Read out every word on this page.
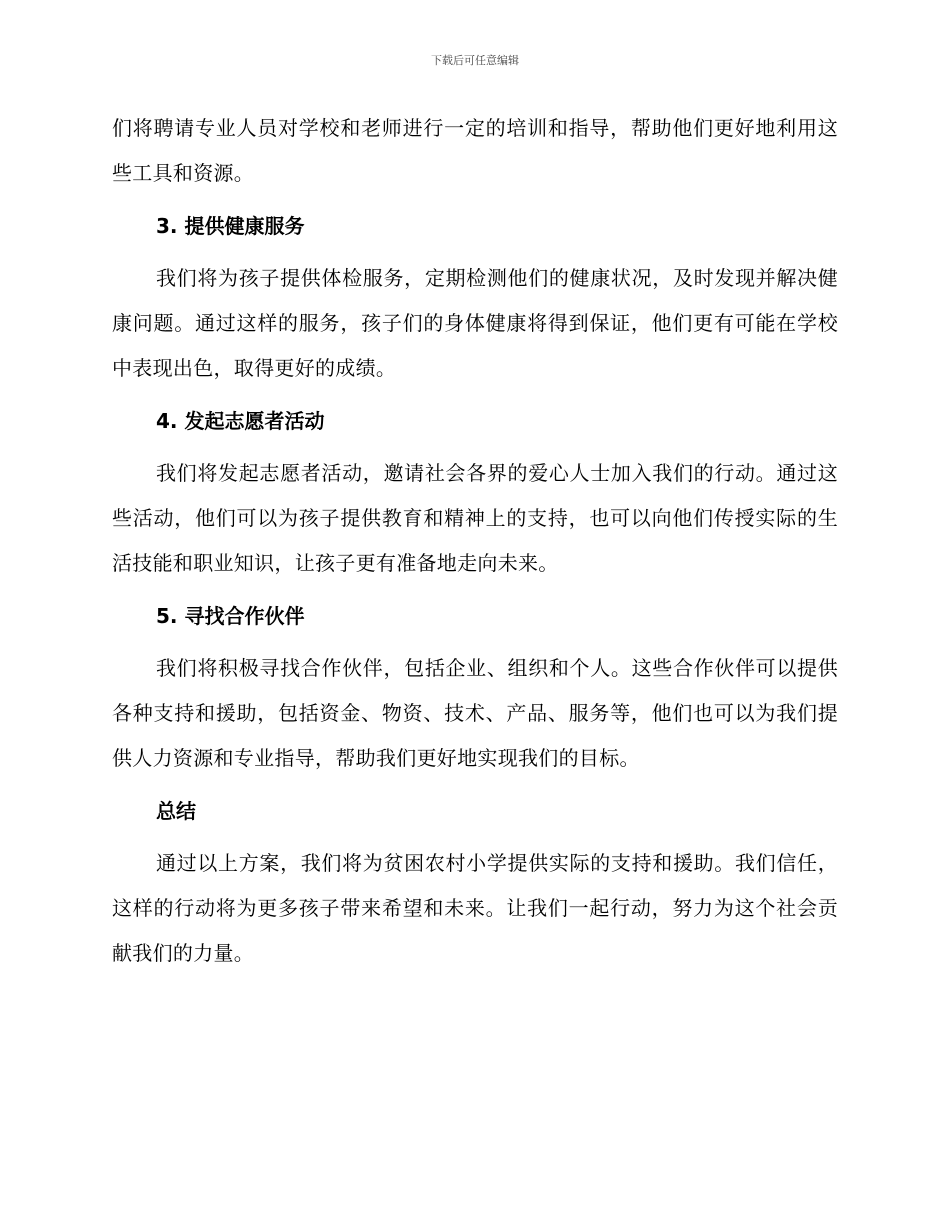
下载后可任意编辑

们将聘请专业人员对学校和老师进行一定的培训和指导，帮助他们更好地利用这些工具和资源。

3. 提供健康服务

我们将为孩子提供体检服务，定期检测他们的健康状况，及时发现并解决健康问题。通过这样的服务，孩子们的身体健康将得到保证，他们更有可能在学校中表现出色，取得更好的成绩。

4. 发起志愿者活动

我们将发起志愿者活动，邀请社会各界的爱心人士加入我们的行动。通过这些活动，他们可以为孩子提供教育和精神上的支持，也可以向他们传授实际的生活技能和职业知识，让孩子更有准备地走向未来。

5. 寻找合作伙伴

我们将积极寻找合作伙伴，包括企业、组织和个人。这些合作伙伴可以提供各种支持和援助，包括资金、物资、技术、产品、服务等，他们也可以为我们提供人力资源和专业指导，帮助我们更好地实现我们的目标。

总结

通过以上方案，我们将为贫困农村小学提供实际的支持和援助。我们信任，这样的行动将为更多孩子带来希望和未来。让我们一起行动，努力为这个社会贡献我们的力量。
